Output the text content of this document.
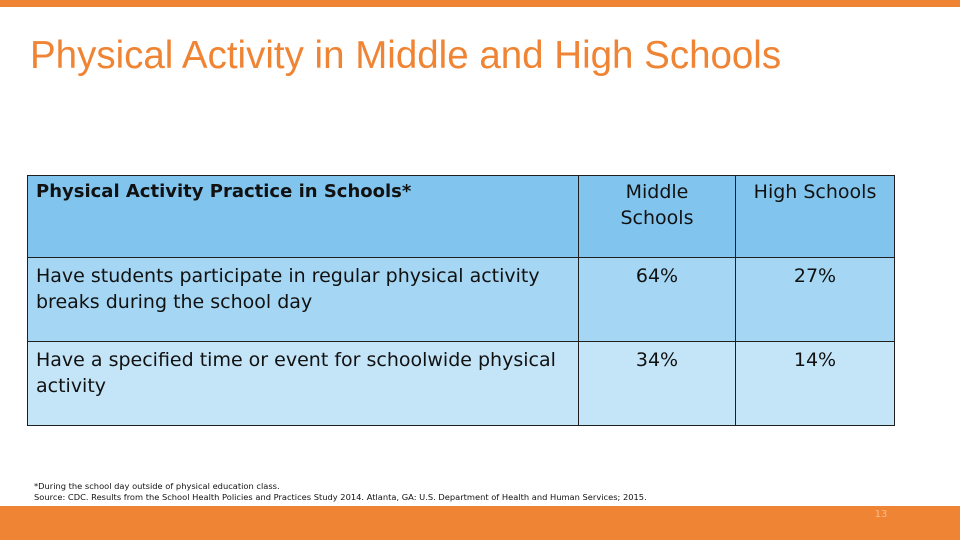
Physical Activity in Middle and High Schools
Physical Activity Practice in Schools*	Middle Schools	High Schools
Have students participate in regular physical activity breaks during the school day	64%	27%
Have a specified time or event for schoolwide physical activity	34%	14%
*During the school day outside of physical education class.
Source: CDC. Results from the School Health Policies and Practices Study 2014. Atlanta, GA: U.S. Department of Health and Human Services; 2015.
13
